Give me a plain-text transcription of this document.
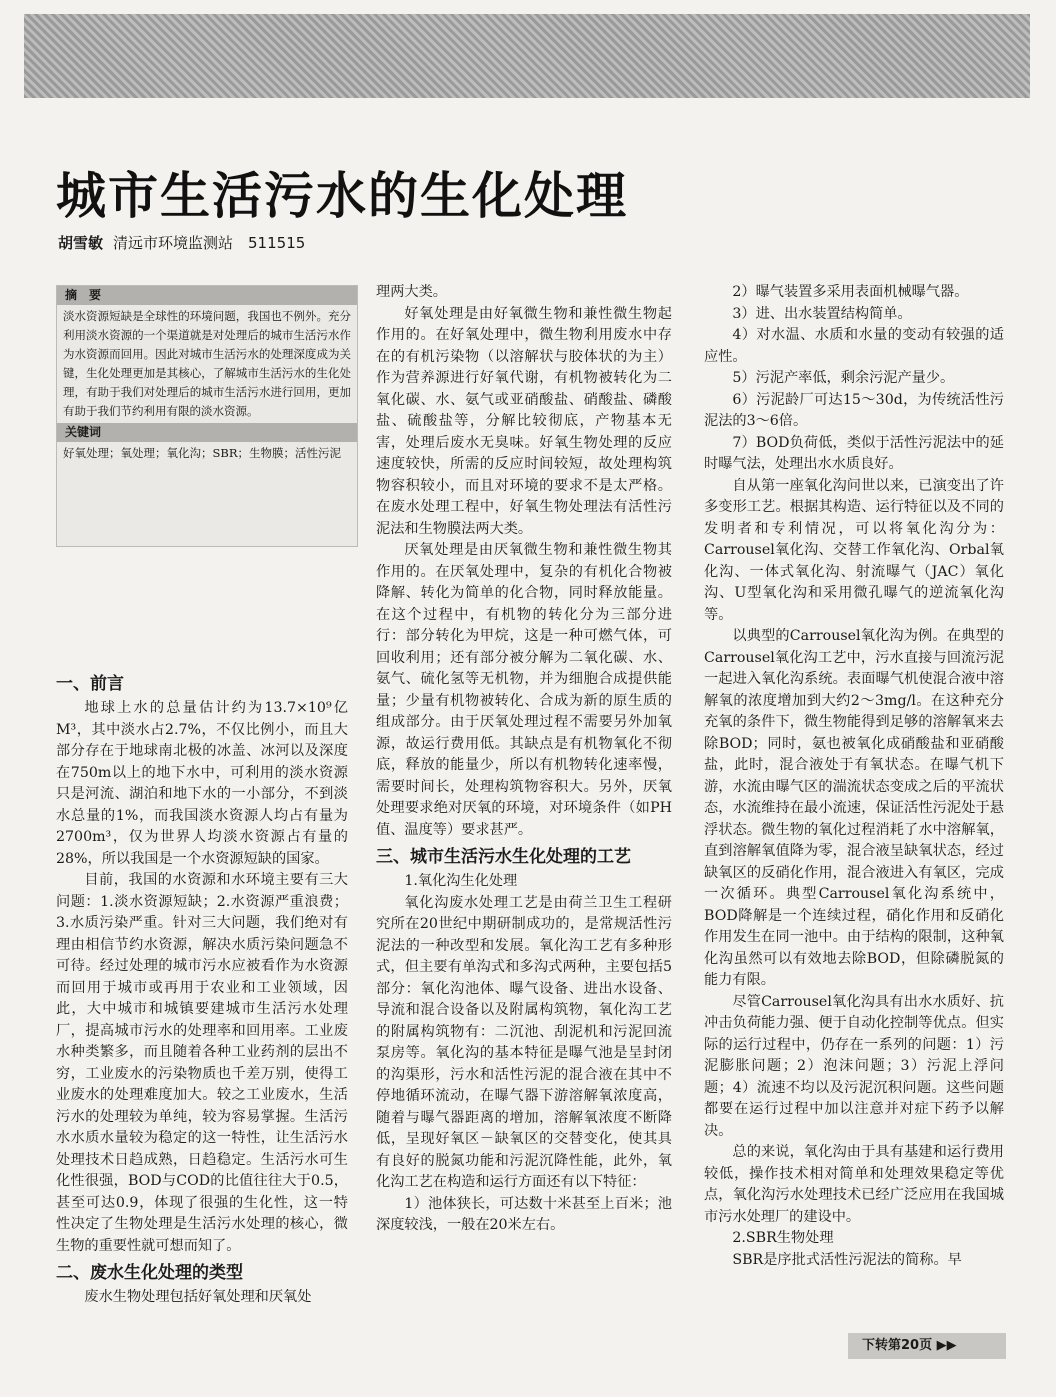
城市生活污水的生化处理
胡雪敏 清远市环境监测站　511515
摘　要
淡水资源短缺是全球性的环境问题，我国也不例外。充分利用淡水资源的一个渠道就是对处理后的城市生活污水作为水资源而回用。因此对城市生活污水的处理深度成为关键，生化处理更加是其核心，了解城市生活污水的生化处理，有助于我们对处理后的城市生活污水进行回用，更加有助于我们节约利用有限的淡水资源。
关键词
好氧处理；氧处理；氧化沟；SBR；生物膜；活性污泥
一、前言

地球上水的总量估计约为13.7×10⁹亿M³，其中淡水占2.7%，不仅比例小，而且大部分存在于地球南北极的冰盖、冰河以及深度在750m以上的地下水中，可利用的淡水资源只是河流、湖泊和地下水的一小部分，不到淡水总量的1%，而我国淡水资源人均占有量为2700m³，仅为世界人均淡水资源占有量的28%，所以我国是一个水资源短缺的国家。

目前，我国的水资源和水环境主要有三大问题：1.淡水资源短缺；2.水资源严重浪费；3.水质污染严重。针对三大问题，我们绝对有理由相信节约水资源，解决水质污染问题急不可待。经过处理的城市污水应被看作为水资源而回用于城市或再用于农业和工业领域，因此，大中城市和城镇要建城市生活污水处理厂，提高城市污水的处理率和回用率。工业废水种类繁多，而且随着各种工业药剂的层出不穷，工业废水的污染物质也千差万别，使得工业废水的处理难度加大。较之工业废水，生活污水的处理较为单纯，较为容易掌握。生活污水水质水量较为稳定的这一特性，让生活污水处理技术日趋成熟，日趋稳定。生活污水可生化性很强，BOD与COD的比值往往大于0.5，甚至可达0.9，体现了很强的生化性，这一特性决定了生物处理是生活污水处理的核心，微生物的重要性就可想而知了。

二、废水生化处理的类型

废水生物处理包括好氧处理和厌氧处

理两大类。

好氧处理是由好氧微生物和兼性微生物起作用的。在好氧处理中，微生物利用废水中存在的有机污染物（以溶解状与胶体状的为主）作为营养源进行好氧代谢，有机物被转化为二氧化碳、水、氨气或亚硝酸盐、硝酸盐、磷酸盐、硫酸盐等，分解比较彻底，产物基本无害，处理后废水无臭味。好氧生物处理的反应速度较快，所需的反应时间较短，故处理构筑物容积较小，而且对环境的要求不是太严格。在废水处理工程中，好氧生物处理法有活性污泥法和生物膜法两大类。

厌氧处理是由厌氧微生物和兼性微生物其作用的。在厌氧处理中，复杂的有机化合物被降解、转化为简单的化合物，同时释放能量。在这个过程中，有机物的转化分为三部分进行：部分转化为甲烷，这是一种可燃气体，可回收利用；还有部分被分解为二氧化碳、水、氨气、硫化氢等无机物，并为细胞合成提供能量；少量有机物被转化、合成为新的原生质的组成部分。由于厌氧处理过程不需要另外加氧源，故运行费用低。其缺点是有机物氧化不彻底，释放的能量少，所以有机物转化速率慢，需要时间长，处理构筑物容积大。另外，厌氧处理要求绝对厌氧的环境，对环境条件（如PH值、温度等）要求甚严。

三、城市生活污水生化处理的工艺

1.氧化沟生化处理

氧化沟废水处理工艺是由荷兰卫生工程研究所在20世纪中期研制成功的，是常规活性污泥法的一种改型和发展。氧化沟工艺有多种形式，但主要有单沟式和多沟式两种，主要包括5部分：氧化沟池体、曝气设备、进出水设备、导流和混合设备以及附属构筑物，氧化沟工艺的附属构筑物有：二沉池、刮泥机和污泥回流泵房等。氧化沟的基本特征是曝气池是呈封闭的沟渠形，污水和活性污泥的混合液在其中不停地循环流动，在曝气器下游溶解氧浓度高，随着与曝气器距离的增加，溶解氧浓度不断降低，呈现好氧区－缺氧区的交替变化，使其具有良好的脱氮功能和污泥沉降性能，此外，氧化沟工艺在构造和运行方面还有以下特征：

1）池体狭长，可达数十米甚至上百米；池深度较浅，一般在20米左右。

2）曝气装置多采用表面机械曝气器。

3）进、出水装置结构简单。

4）对水温、水质和水量的变动有较强的适应性。

5）污泥产率低，剩余污泥产量少。

6）污泥龄厂可达15～30d，为传统活性污泥法的3～6倍。

7）BOD负荷低，类似于活性污泥法中的延时曝气法，处理出水水质良好。

自从第一座氧化沟问世以来，已演变出了许多变形工艺。根据其构造、运行特征以及不同的发明者和专利情况，可以将氧化沟分为：Carrousel氧化沟、交替工作氧化沟、Orbal氧化沟、一体式氧化沟、射流曝气（JAC）氧化沟、U型氧化沟和采用微孔曝气的逆流氧化沟等。

以典型的Carrousel氧化沟为例。在典型的Carrousel氧化沟工艺中，污水直接与回流污泥一起进入氧化沟系统。表面曝气机使混合液中溶解氧的浓度增加到大约2～3mg/l。在这种充分充氧的条件下，微生物能得到足够的溶解氧来去除BOD；同时，氨也被氧化成硝酸盐和亚硝酸盐，此时，混合液处于有氧状态。在曝气机下游，水流由曝气区的湍流状态变成之后的平流状态，水流维持在最小流速，保证活性污泥处于悬浮状态。微生物的氧化过程消耗了水中溶解氧，直到溶解氧值降为零，混合液呈缺氧状态，经过缺氧区的反硝化作用，混合液进入有氧区，完成一次循环。典型Carrousel氧化沟系统中，BOD降解是一个连续过程，硝化作用和反硝化作用发生在同一池中。由于结构的限制，这种氧化沟虽然可以有效地去除BOD，但除磷脱氮的能力有限。

尽管Carrousel氧化沟具有出水水质好、抗冲击负荷能力强、便于自动化控制等优点。但实际的运行过程中，仍存在一系列的问题：1）污泥膨胀问题；2）泡沫问题；3）污泥上浮问题；4）流速不均以及污泥沉积问题。这些问题都要在运行过程中加以注意并对症下药予以解决。

总的来说，氧化沟由于具有基建和运行费用较低，操作技术相对简单和处理效果稳定等优点，氧化沟污水处理技术已经广泛应用在我国城市污水处理厂的建设中。

2.SBR生物处理

SBR是序批式活性污泥法的简称。早

下转第20页 ▶▶
